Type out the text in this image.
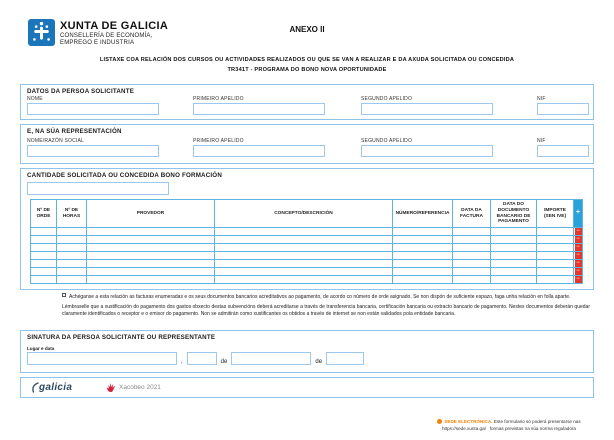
XUNTA DE GALICIA
CONSELLERÍA DE ECONOMÍA,
EMPREGO E INDUSTRIA
ANEXO II
LISTAXE COA RELACIÓN DOS CURSOS OU ACTIVIDADES REALIZADOS OU QUE SE VAN A REALIZAR E DA AXUDA SOLICITADA OU CONCEDIDA
TR341T - PROGRAMA DO BONO NOVA OPORTUNIDADE
DATOS DA PERSOA SOLICITANTE
NOME	PRIMEIRO APELIDO	SEGUNDO APELIDO	NIF
E, NA SÚA REPRESENTACIÓN
NOME/RAZÓN SOCIAL	PRIMEIRO APELIDO	SEGUNDO APELIDO	NIF
CANTIDADE SOLICITADA OU CONCEDIDA BONO FORMACIÓN
Nº DE ORDE	Nº DE HORAS	PROVEDOR	CONCEPTO/DESCRICIÓN	NÚMERO/REFERENCIA	DATA DA FACTURA	DATA DO DOCUMENTO BANCARIO DE PAGAMENTO	IMPORTE (SEN IVE)	+

								−

								−

								−

								−

								−

								−

								−

Achéganse a esta relación as facturas enumeradas e os seus documentos bancarios acreditativos ao pagamento, de acordo co número de orde asignado. Se non dispón de suficiente espazo, faga unha relación en folla aparte.

Lémbraselle que a xustificación do pagamento dos gastos obxecto destas subvencións deberá acreditarse a través de transferencia bancaria, certificación bancaria ou extracto bancario de pagamento. Nestes documentos deberán quedar claramente identificados o receptor e o emisor do pagamento. Non se admitirán como xustificantes os obtidos a través de internet se non están validados pola entidade bancaria.

SINATURA DA PERSOA SOLICITANTE OU REPRESENTANTE
Lugar e data
,	de	de
galicia	Xacobeo 2021
SEDE ELECTRÓNICA. Este formulario só poderá presentarse nas
https://sede.xunta.gal formas previstas na súa norma reguladora
